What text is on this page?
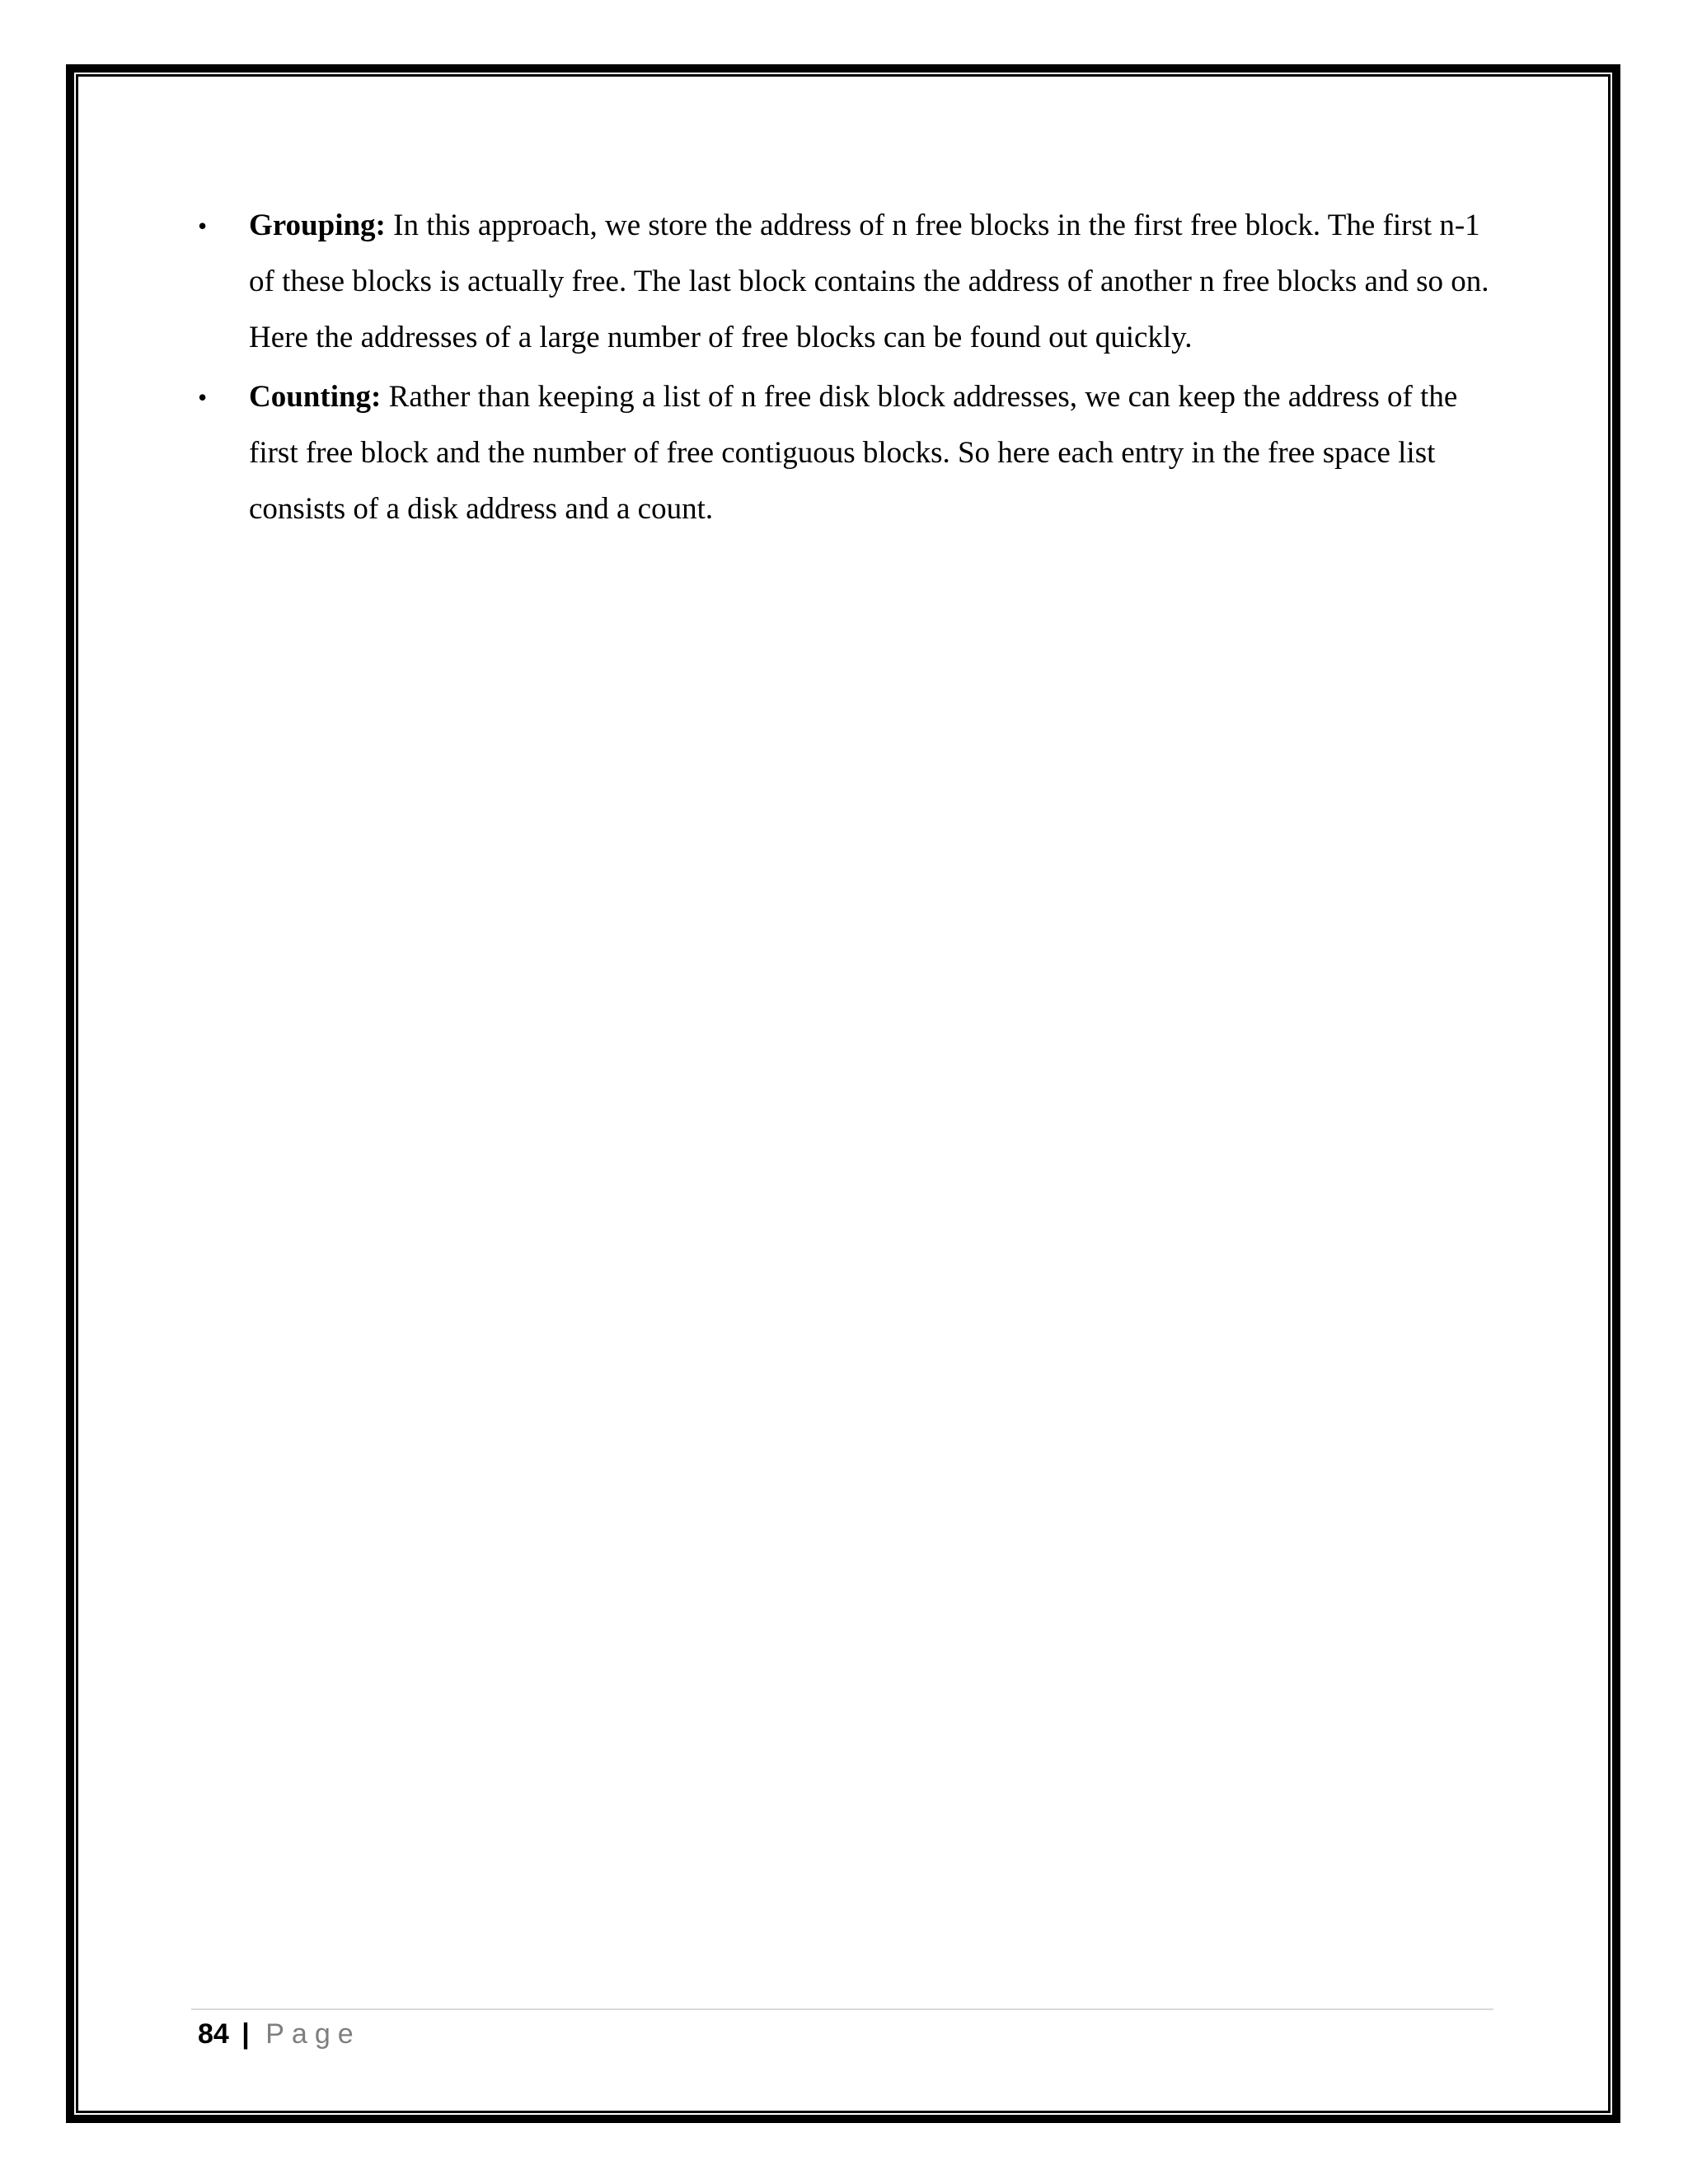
• Grouping: In this approach, we store the address of n free blocks in the first free block. The first n-1 of these blocks is actually free. The last block contains the address of another n free blocks and so on. Here the addresses of a large number of free blocks can be found out quickly.
• Counting: Rather than keeping a list of n free disk block addresses, we can keep the address of the first free block and the number of free contiguous blocks. So here each entry in the free space list consists of a disk address and a count.
84 | Page
